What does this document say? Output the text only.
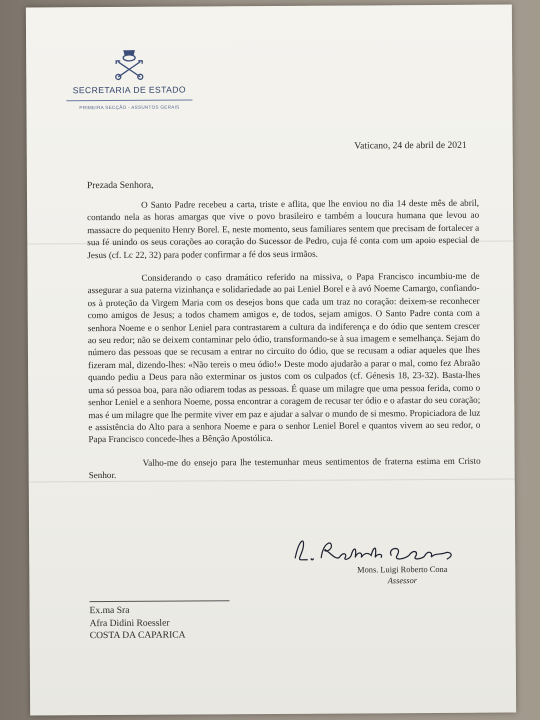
SECRETARIA DE ESTADO
PRIMEIRA SECÇÃO - ASSUNTOS GERAIS
Vaticano, 24 de abril de 2021
Prezada Senhora,

O Santo Padre recebeu a carta, triste e aflita, que lhe enviou no dia 14 deste mês de abril, contando nela as horas amargas que vive o povo brasileiro e também a loucura humana que levou ao massacre do pequenito Henry Borel. E, neste momento, seus familiares sentem que precisam de fortalecer a sua fé unindo os seus corações ao coração do Sucessor de Pedro, cuja fé conta com um apoio especial de Jesus (cf. Lc 22, 32) para poder confirmar a fé dos seus irmãos.

Considerando o caso dramático referido na missiva, o Papa Francisco incumbiu-me de assegurar a sua paterna vizinhança e solidariedade ao pai Leniel Borel e à avó Noeme Camargo, confiando-os à proteção da Virgem Maria com os desejos bons que cada um traz no coração: deixem-se reconhecer como amigos de Jesus; a todos chamem amigos e, de todos, sejam amigos. O Santo Padre conta com a senhora Noeme e o senhor Leniel para contrastarem a cultura da indiferença e do ódio que sentem crescer ao seu redor; não se deixem contaminar pelo ódio, transformando-se à sua imagem e semelhança. Sejam do número das pessoas que se recusam a entrar no circuito do ódio, que se recusam a odiar aqueles que lhes fizeram mal, dizendo-lhes: «Não tereis o meu ódio!» Deste modo ajudarão a parar o mal, como fez Abraão quando pediu a Deus para não exterminar os justos com os culpados (cf. Génesis 18, 23-32). Basta-lhes uma só pessoa boa, para não odiarem todas as pessoas. É quase um milagre que uma pessoa ferida, como o senhor Leniel e a senhora Noeme, possa encontrar a coragem de recusar ter ódio e o afastar do seu coração; mas é um milagre que lhe permite viver em paz e ajudar a salvar o mundo de si mesmo. Propiciadora de luz e assistência do Alto para a senhora Noeme e para o senhor Leniel Borel e quantos vivem ao seu redor, o Papa Francisco concede-lhes a Bênção Apostólica.

Valho-me do ensejo para lhe testemunhar meus sentimentos de fraterna estima em Cristo Senhor.

Mons. Luigi Roberto Cona
Assessor
Ex.ma Sra
Afra Didini Roessler
COSTA DA CAPARICA
